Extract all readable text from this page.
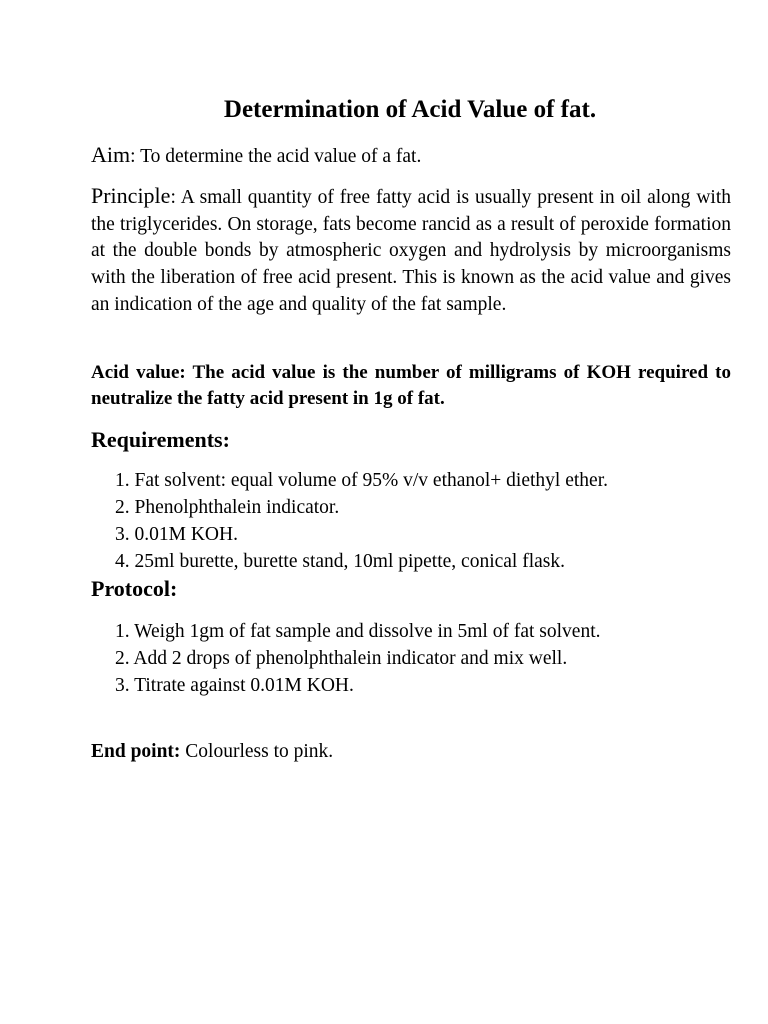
Determination of Acid Value of fat.

Aim: To determine the acid value of a fat.

Principle: A small quantity of free fatty acid is usually present in oil along with the triglycerides. On storage, fats become rancid as a result of peroxide formation at the double bonds by atmospheric oxygen and hydrolysis by microorganisms with the liberation of free acid present. This is known as the acid value and gives an indication of the age and quality of the fat sample.

Acid value: The acid value is the number of milligrams of KOH required to neutralize the fatty acid present in 1g of fat.

Requirements:
1. Fat solvent: equal volume of 95% v/v ethanol+ diethyl ether.
2. Phenolphthalein indicator.
3. 0.01M KOH.
4. 25ml burette, burette stand, 10ml pipette, conical flask.
Protocol:
1. Weigh 1gm of fat sample and dissolve in 5ml of fat solvent.
2. Add 2 drops of phenolphthalein indicator and mix well.
3. Titrate against 0.01M KOH.

End point: Colourless to pink.
